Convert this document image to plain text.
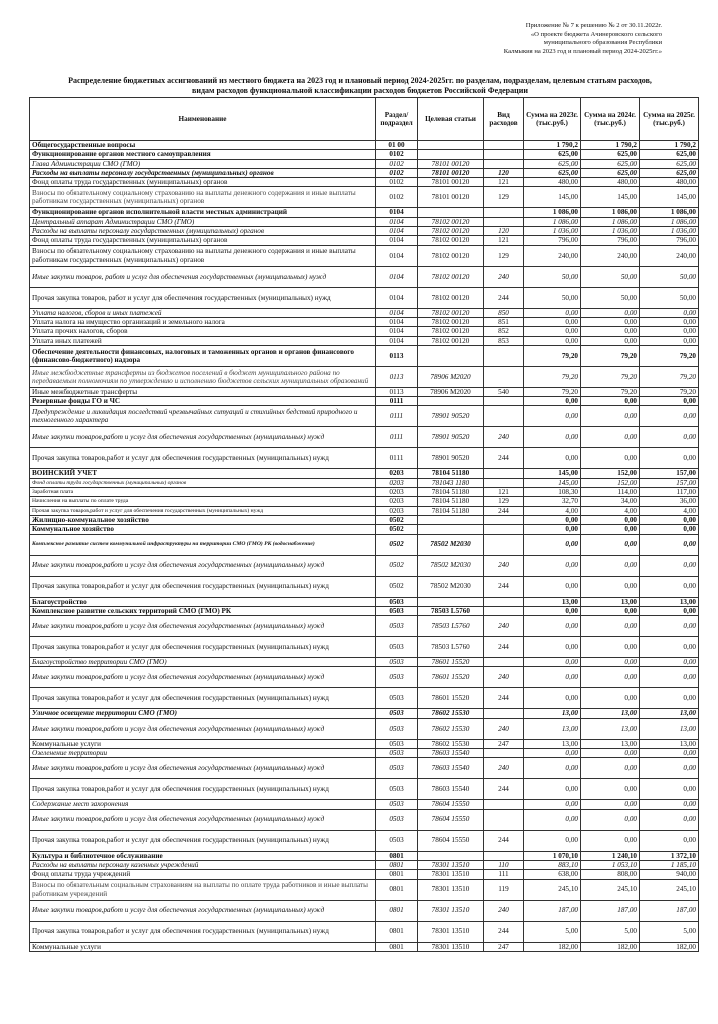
Приложение № 7 к решению № 2 от 30.11.2022г.
«О проекте бюджета Ачинеровского сельского
муниципального образования Республики
Калмыкия на 2023 год и плановый период 2024-2025гг.»
Распределение бюджетных ассигнований из местного бюджета на 2023 год и плановый период 2024-2025гг. по разделам, подразделам, целевым статьям расходов,
видам расходов функциональной классификации расходов бюджетов Российской Федерации
Наименование	Раздел/ подраздел	Целевая статьи	Вид расходов	Сумма на 2023г. (тыс.руб.)	Сумма на 2024г. (тыс.руб.)	Сумма на 2025г. (тыс.руб.)
Общегосударственные вопросы	01 00			1 790,2	1 790,2	1 790,2
Функционирование органов местного самоуправления	0102			625,00	625,00	625,00
Глава Администрации СМО (ГМО)	0102	78101 00120		625,00	625,00	625,00
Расходы на выплаты персоналу государственных (муниципальных) органов	0102	78101 00120	120	625,00	625,00	625,00
Фонд оплаты труда государственных (муниципальных) органов	0102	78101 00120	121	480,00	480,00	480,00
Взносы по обязательному социальному страхованию на выплаты денежного содержания и иные выплаты работникам государственных (муниципальных) органов	0102	78101 00120	129	145,00	145,00	145,00
Функционирование органов исполнительной власти местных администраций	0104			1 086,00	1 086,00	1 086,00
Центральный аппарат Администрации СМО (ГМО)	0104	78102 00120		1 086,00	1 086,00	1 086,00
Расходы на выплаты персоналу государственных (муниципальных) органов	0104	78102 00120	120	1 036,00	1 036,00	1 036,00
Фонд оплаты труда государственных (муниципальных) органов	0104	78102 00120	121	796,00	796,00	796,00
Взносы по обязательному социальному страхованию на выплаты денежного содержания и иные выплаты работникам государственных (муниципальных) органов	0104	78102 00120	129	240,00	240,00	240,00
Иные закупки товаров, работ и услуг для обеспечения государственных (муниципальных) нужд	0104	78102 00120	240	50,00	50,00	50,00
Прочая закупка товаров, работ и услуг для обеспечения государственных (муниципальных) нужд	0104	78102 00120	244	50,00	50,00	50,00
Уплата налогов, сборов и иных платежей	0104	78102 00120	850	0,00	0,00	0,00
Уплата налога на имущество организаций и земельного налога	0104	78102 00120	851	0,00	0,00	0,00
Уплата прочих налогов, сборов	0104	78102 00120	852	0,00	0,00	0,00
Уплата иных платежей	0104	78102 00120	853	0,00	0,00	0,00
Обеспечение деятельности финансовых, налоговых и таможенных органов и органов финансового (финансово-бюджетного) надзора	0113			79,20	79,20	79,20
Иные межбюджетные трансферты из бюджетов поселений в бюджет муниципального района по передаваемым полномочиям по утверждению и исполнению бюджетов сельских муниципальных образований	0113	78906 М2020		79,20	79,20	79,20
Иные межбюджетные трансферты	0113	78906 М2020	540	79,20	79,20	79,20
Резервные фонды ГО и ЧС	0111			0,00	0,00	0,00
Предупреждение и ликвидация последствий чрезвычайных ситуаций и стихийных бедствий природного и техногенного характера	0111	78901 90520		0,00	0,00	0,00
Иные закупки товаров,работ и услуг для обеспечения государственных (муниципальных) нужд	0111	78901 90520	240	0,00	0,00	0,00
Прочая закупка товаров,работ и услуг для обеспечения государственных (муниципальных) нужд	0111	78901 90520	244	0,00	0,00	0,00
ВОИНСКИЙ УЧЕТ	0203	78104 51180		145,00	152,00	157,00
Фонд оплаты труда государственных (муниципальных) органов	0203	781043 1180		145,00	152,00	157,00
Заработная плата	0203	78104 51180	121	108,30	114,00	117,00
Начисления на выплаты по оплате труда	0203	78104 51180	129	32,70	34,00	36,00
Прочая закупка товаров,работ и услуг для обеспечения государственных (муниципальных) нужд	0203	78104 51180	244	4,00	4,00	4,00
Жилищно-коммунальное хозяйство	0502			0,00	0,00	0,00
Коммунальное хозяйство	0502			0,00	0,00	0,00
Комплексное развитие систем коммунальной инфраструктуры на территории СМО (ГМО) РК (водоснабжение)	0502	78502 М2030		0,00	0,00	0,00
Иные закупки товаров,работ и услуг для обеспечения государственных (муниципальных) нужд	0502	78502 М2030	240	0,00	0,00	0,00
Прочая закупка товаров,работ и услуг для обеспечения государственных (муниципальных) нужд	0502	78502 М2030	244	0,00	0,00	0,00
Благоустройство	0503			13,00	13,00	13,00
Комплексное развитие сельских территорий СМО (ГМО) РК	0503	78503 L5760		0,00	0,00	0,00
Иные закупки товаров,работ и услуг для обеспечения государственных (муниципальных) нужд	0503	78503 L5760	240	0,00	0,00	0,00
Прочая закупка товаров,работ и услуг для обеспечения государственных (муниципальных) нужд	0503	78503 L5760	244	0,00	0,00	0,00
Благоустройство территории СМО (ГМО)	0503	78601 15520		0,00	0,00	0,00
Иные закупки товаров,работ и услуг для обеспечения государственных (муниципальных) нужд	0503	78601 15520	240	0,00	0,00	0,00
Прочая закупка товаров,работ и услуг для обеспечения государственных (муниципальных) нужд	0503	78601 15520	244	0,00	0,00	0,00
Уличное освещение территории СМО (ГМО)	0503	78602 15530		13,00	13,00	13,00
Иные закупки товаров,работ и услуг для обеспечения государственных (муниципальных) нужд	0503	78602 15530	240	13,00	13,00	13,00
Коммунальные услуги	0503	78602 15530	247	13,00	13,00	13,00
Озеленение территории	0503	78603 15540		0,00	0,00	0,00
Иные закупки товаров,работ и услуг для обеспечения государственных (муниципальных) нужд	0503	78603 15540	240	0,00	0,00	0,00
Прочая закупка товаров,работ и услуг для обеспечения государственных (муниципальных) нужд	0503	78603 15540	244	0,00	0,00	0,00
Содержание мест захоронения	0503	78604 15550		0,00	0,00	0,00
Иные закупки товаров,работ и услуг для обеспечения государственных (муниципальных) нужд	0503	78604 15550		0,00	0,00	0,00
Прочая закупка товаров,работ и услуг для обеспечения государственных (муниципальных) нужд	0503	78604 15550	244	0,00	0,00	0,00
Культура и библиотечное обслуживание	0801			1 070,10	1 240,10	1 372,10
Расходы на выплаты персоналу казенных учреждений	0801	78301 13510	110	883,10	1 053,10	1 185,10
Фонд оплаты труда учреждений	0801	78301 13510	111	638,00	808,00	940,00
Взносы по обязательным социальным страхованиям на выплаты по оплате труда работников и иные выплаты работникам учреждений	0801	78301 13510	119	245,10	245,10	245,10
Иные закупки товаров,работ и услуг для обеспечения государственных (муниципальных) нужд	0801	78301 13510	240	187,00	187,00	187,00
Прочая закупка товаров,работ и услуг для обеспечения государственных (муниципальных) нужд	0801	78301 13510	244	5,00	5,00	5,00
Коммунальные услуги	0801	78301 13510	247	182,00	182,00	182,00
